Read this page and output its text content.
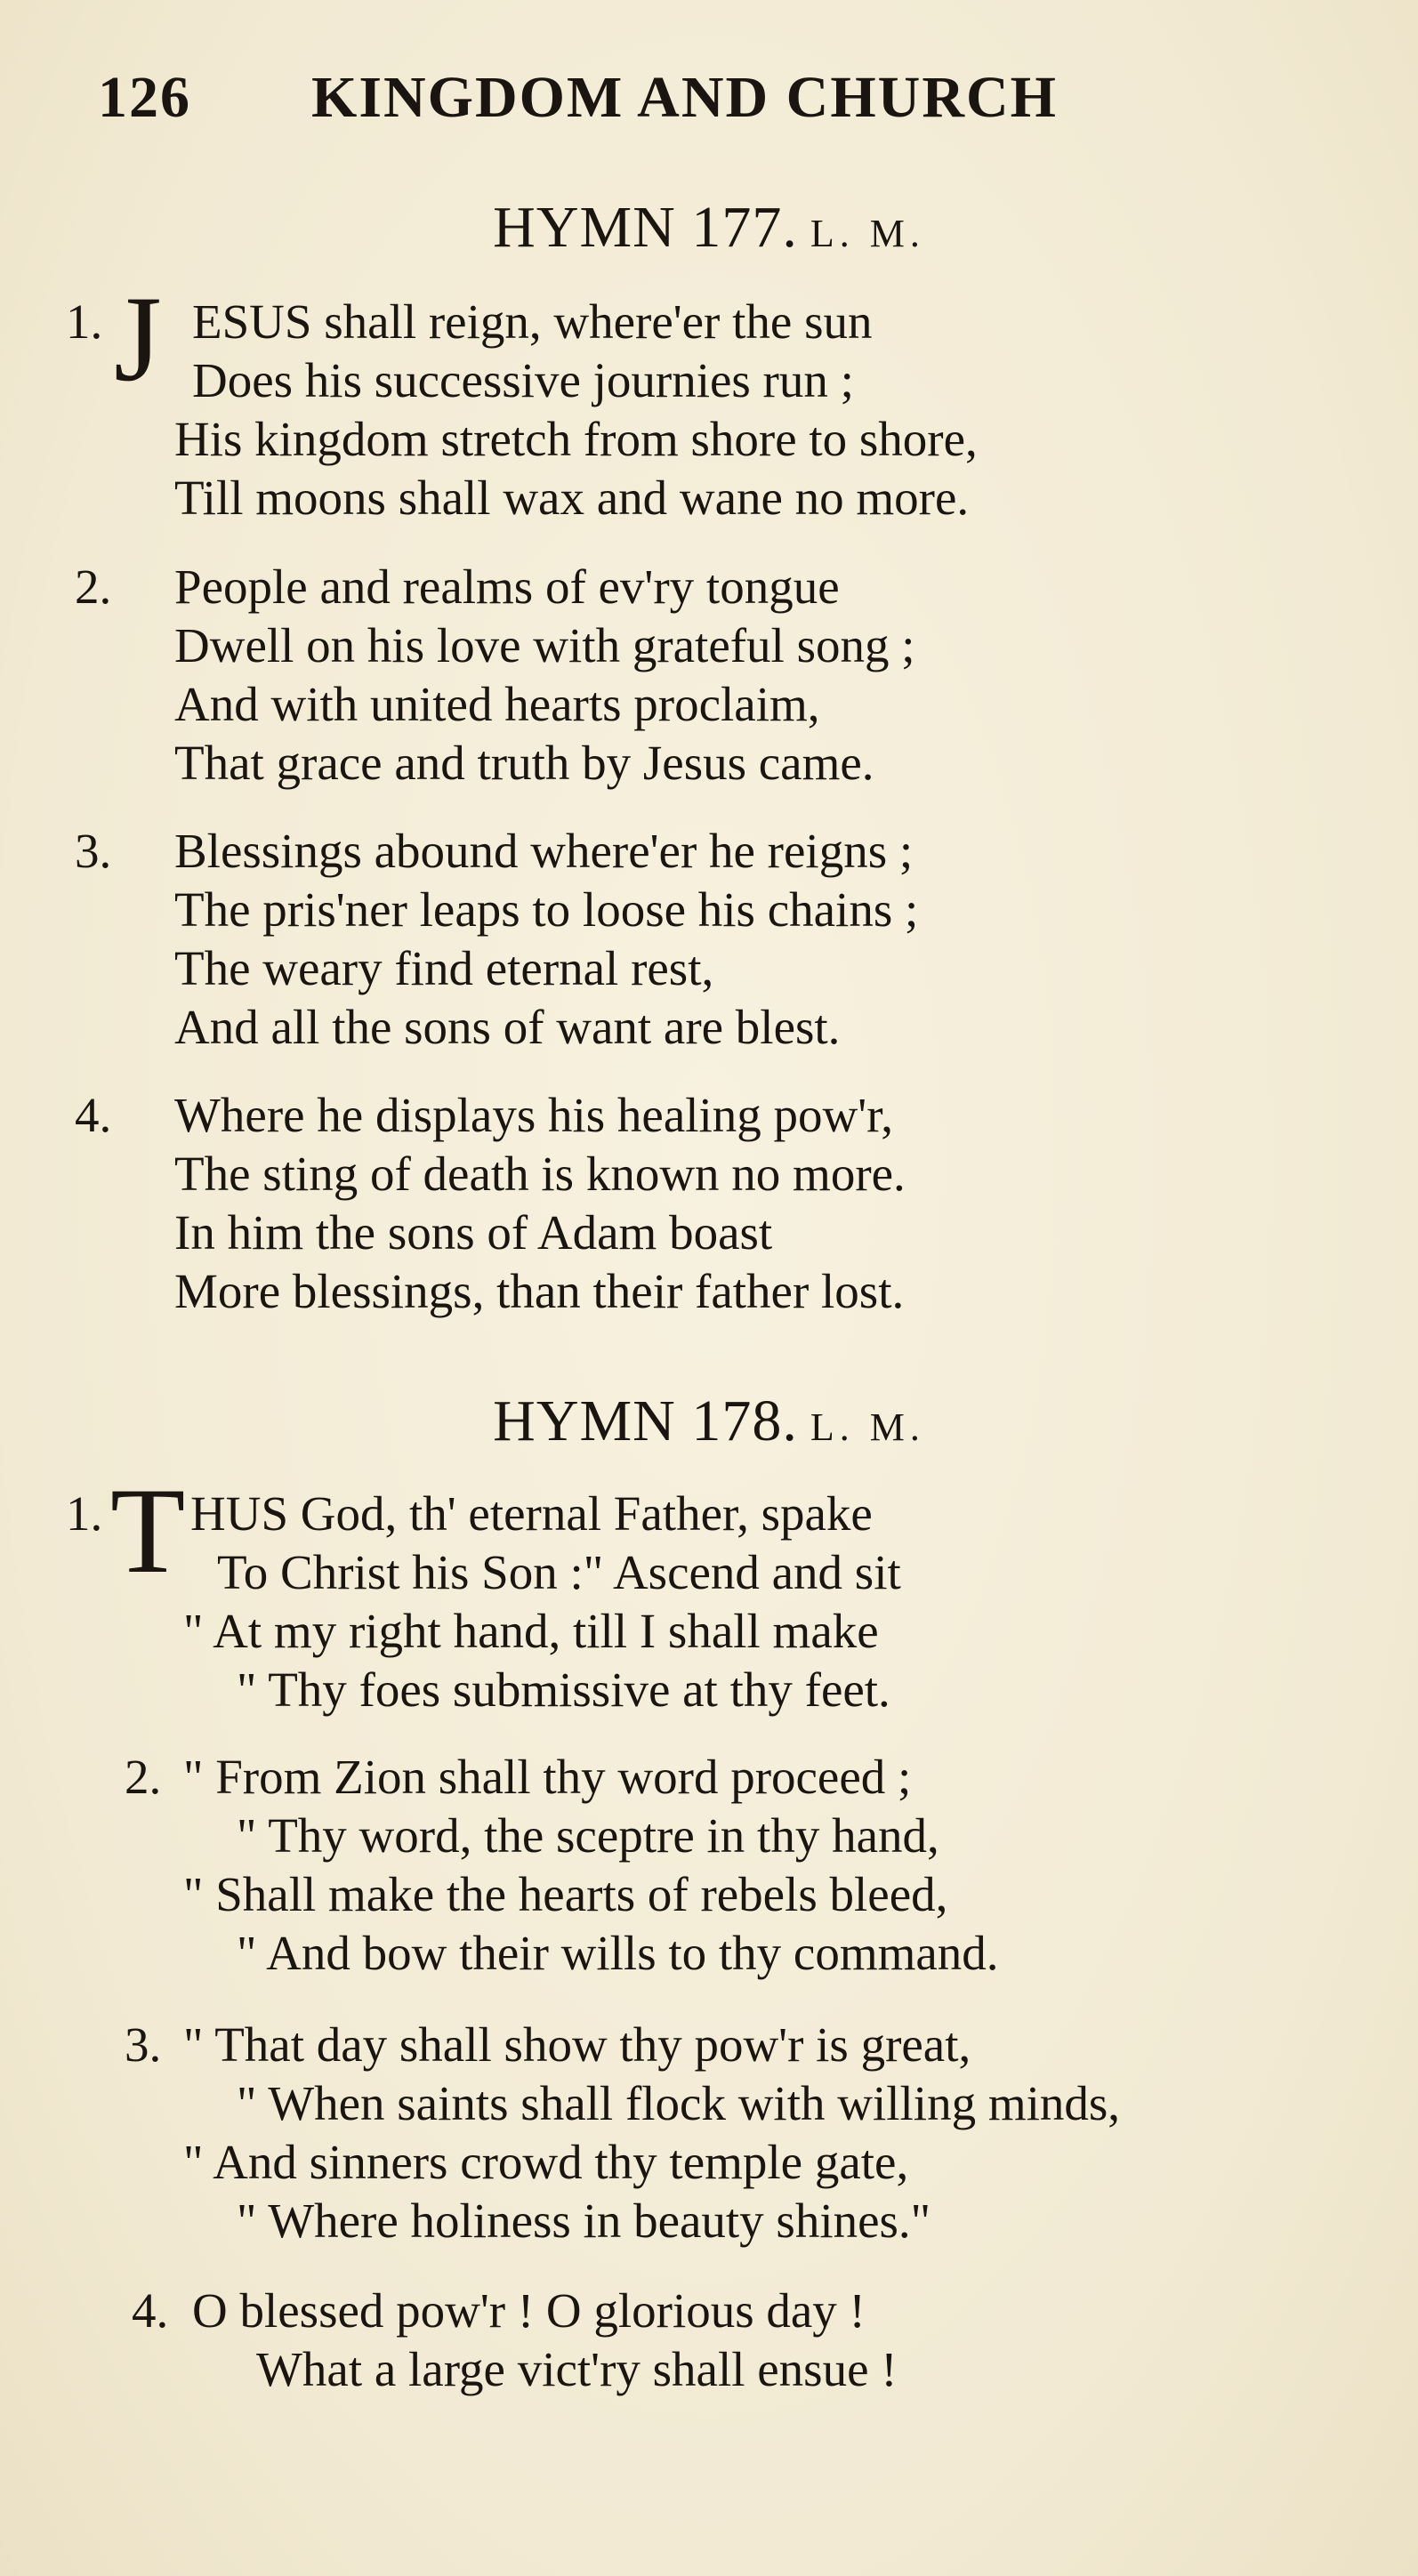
126 KINGDOM AND CHURCH
HYMN 177. L. M.
1. J ESUS shall reign, where'er the sun
Does his successive journies run ;
His kingdom stretch from shore to shore,
Till moons shall wax and wane no more.
2. People and realms of ev'ry tongue
Dwell on his love with grateful song ;
And with united hearts proclaim,
That grace and truth by Jesus came.
3. Blessings abound where'er he reigns ;
The pris'ner leaps to loose his chains ;
The weary find eternal rest,
And all the sons of want are blest.
4. Where he displays his healing pow'r,
The sting of death is known no more.
In him the sons of Adam boast
More blessings, than their father lost.
HYMN 178. L. M.
1. T HUS God, th' eternal Father, spake
To Christ his Son :" Ascend and sit
" At my right hand, till I shall make
" Thy foes submissive at thy feet.
2. " From Zion shall thy word proceed ;
" Thy word, the sceptre in thy hand,
" Shall make the hearts of rebels bleed,
" And bow their wills to thy command.
3. " That day shall show thy pow'r is great,
" When saints shall flock with willing minds,
" And sinners crowd thy temple gate,
" Where holiness in beauty shines."
4. O blessed pow'r ! O glorious day !
What a large vict'ry shall ensue !
